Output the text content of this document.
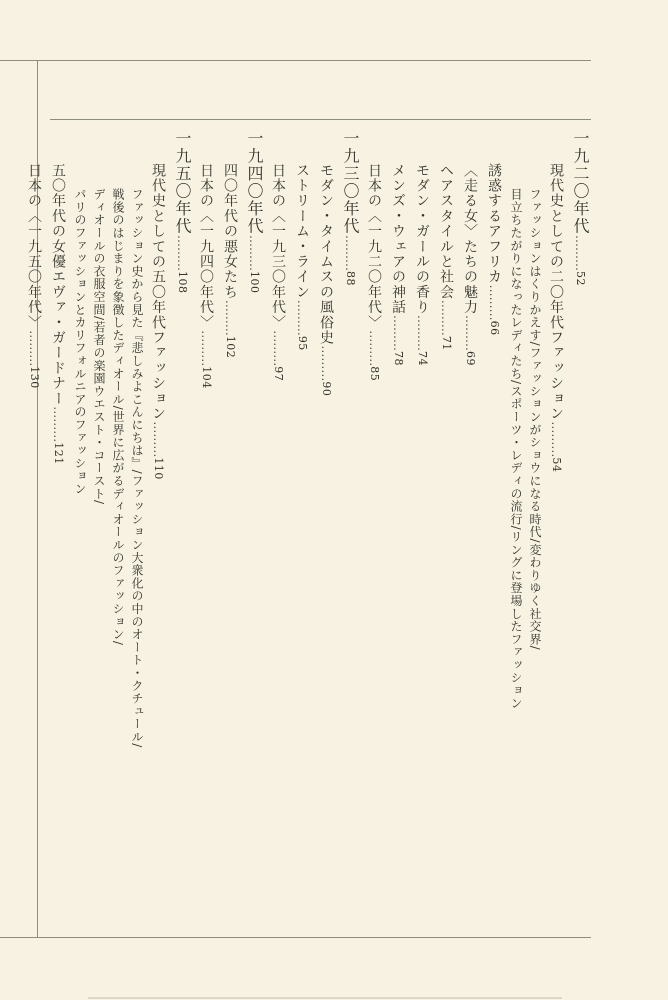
一九二〇年代………52
現代史としての二〇年代ファッション………54
ファッションはくりかえす/ファッションがショウになる時代/変わりゆく社交界/
目立ちたがりになったレディたち/スポーツ・レディの流行/リングに登場したファッション
誘惑するアフリカ………66
〈走る女〉たちの魅力………69
ヘアスタイルと社会………71
モダン・ガールの香り………74
メンズ・ウェアの神話………78
日本の〈一九二〇年代〉………85
一九三〇年代………88
モダン・タイムスの風俗史………90
ストリーム・ライン………95
日本の〈一九三〇年代〉………97
一九四〇年代………100
四〇年代の悪女たち………102
日本の〈一九四〇年代〉………104
一九五〇年代………108
現代史としての五〇年代ファッション………110
ファッション史から見た『悲しみよこんにちは』/ファッション大衆化の中のオート・クチュール/
戦後のはじまりを象徴したディオール/世界に広がるディオールのファッション/
ディオールの衣服空間/若者の楽園ウエスト・コースト/
パリのファッションとカリフォルニアのファッション
五〇年代の女優エヴァ・ガードナー………121
日本の〈一九五〇年代〉………130
